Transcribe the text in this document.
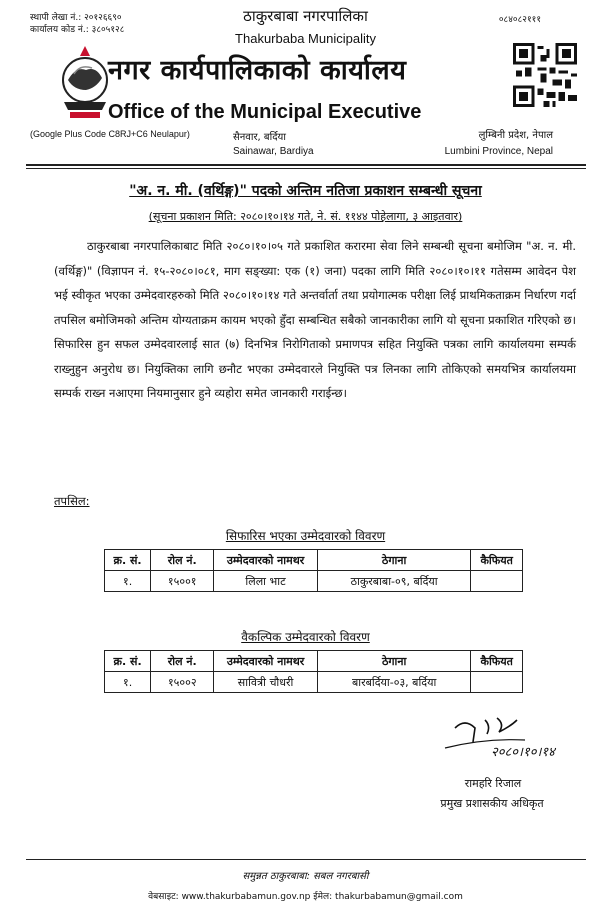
स्थापी लेखा नं.: २०१२६६९०
कार्यालय कोड नं.: ३८०५१२८
०८४०८२१११
ठाकुरबाबा नगरपालिका
Thakurbaba Municipality
नगर कार्यपालिकाको कार्यालय
Office of the Municipal Executive
(Google Plus Code C8RJ+C6 Neulapur)	सैनवार, बर्दिया
Sainawar, Bardiya
लुम्बिनी प्रदेश, नेपाल
Lumbini Province, Nepal
"अ. न. मी. (वर्थिङ्ग)" पदको अन्तिम नतिजा प्रकाशन सम्बन्धी सूचना
(सूचना प्रकाशन मिति: २०८०।१०।१४ गते, ने. सं. ११४४ पोहेलागा, ३ आइतवार)
ठाकुरबाबा नगरपालिकाबाट मिति २०८०।१०।०५ गते प्रकाशित करारमा सेवा लिने सम्बन्धी सूचना बमोजिम "अ. न. मी. (वर्थिङ्ग)" (विज्ञापन नं. १५-२०८०।०८१, माग सङ्ख्या: एक (१) जना) पदका लागि मिति २०८०।१०।११ गतेसम्म आवेदन पेश भई स्वीकृत भएका उम्मेदवारहरुको मिति २०८०।१०।१४ गते अन्तर्वार्ता तथा प्रयोगात्मक परीक्षा लिई प्राथमिकताक्रम निर्धारण गर्दा तपसिल बमोजिमको अन्तिम योग्यताक्रम कायम भएको हुँदा सम्बन्धित सबैको जानकारीका लागि यो सूचना प्रकाशित गरिएको छ। सिफारिस हुन सफल उम्मेदवारलाई सात (७) दिनभित्र निरोगिताको प्रमाणपत्र सहित नियुक्ति पत्रका लागि कार्यालयमा सम्पर्क राख्नुहुन अनुरोध छ। नियुक्तिका लागि छनौट भएका उम्मेदवारले नियुक्ति पत्र लिनका लागि तोकिएको समयभित्र कार्यालयमा सम्पर्क राख्न नआएमा नियमानुसार हुने व्यहोरा समेत जानकारी गराईन्छ।
तपसिल:
सिफारिस भएका उम्मेदवारको विवरण
क्र. सं.	रोल नं.	उम्मेदवारको नामथर	ठेगाना	कैफियत
१.	१५००१	लिला भाट	ठाकुरबाबा-०९, बर्दिया	
वैकल्पिक उम्मेदवारको विवरण
क्र. सं.	रोल नं.	उम्मेदवारको नामथर	ठेगाना	कैफियत
१.	१५००२	सावित्री चौधरी	बारबर्दिया-०३, बर्दिया	
२०८०।१०।१४
रामहरि रिजाल
प्रमुख प्रशासकीय अधिकृत
समुन्नत ठाकुरबाबा: सबल नगरबासी
वेबसाइट: www.thakurbabamun.gov.np ईमेल: thakurbabamun@gmail.com
